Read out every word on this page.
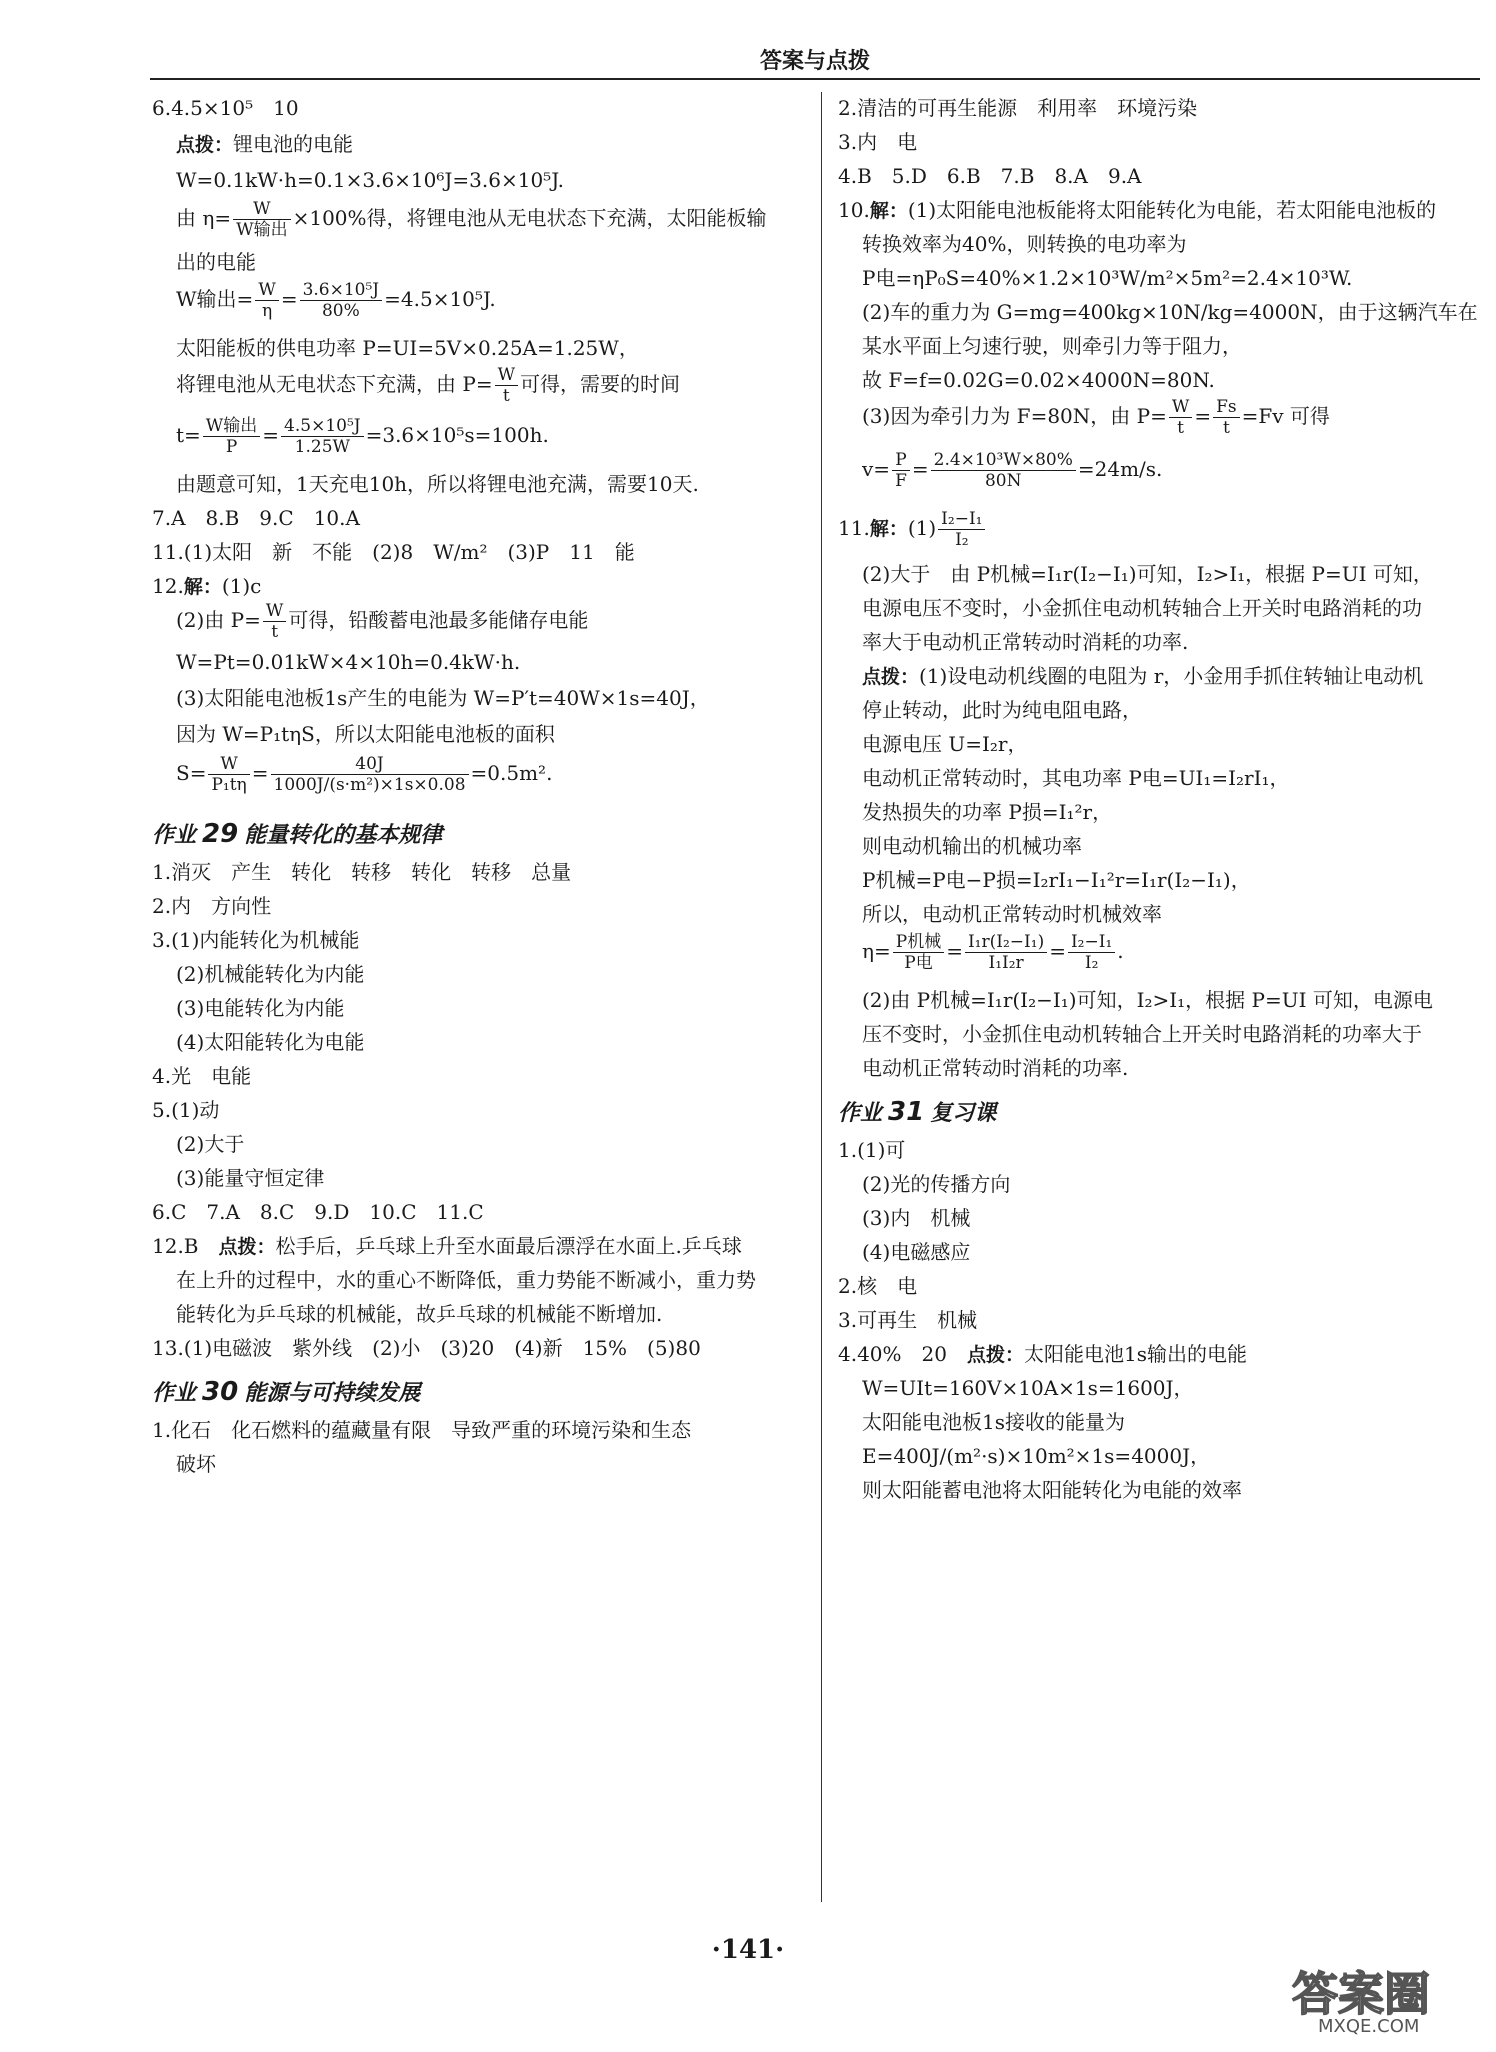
答案与点拨
6.4.5×10⁵　10
点拨：锂电池的电能
W=0.1kW·h=0.1×3.6×10⁶J=3.6×10⁵J.
由 $\eta= \frac{W}{\text{W输出}} \times 100\%$得，将锂电池从无电状态下充满，太阳能板输
出的电能
W输出= $\frac{W}{\eta} = \frac{\text{3.6×10⁵J}}{80\%} =4.5\times 10^5J$.
太阳能板的供电功率 P=UI=5V×0.25A=1.25W，
将锂电池从无电状态下充满，由 $P= \frac{W}{t}$ 可得，需要的时间
$t= \frac{\text{W输出}}{P} = \frac{\text{4.5×10⁵J}}{1.25W} =3.6\times 10^5s=100h$.
由题意可知，1天充电10h，所以将锂电池充满，需要10天.
7.A　8.B　9.C　10.A
11.(1)太阳　新　不能　(2)8　W/m²　(3)P　11　能
12.解：(1)c
(2)由 $P= \frac{W}{t}$ 可得，铅酸蓄电池最多能储存电能
W=Pt=0.01kW×4×10h=0.4kW·h.
(3)太阳能电池板1s产生的电能为 W=P′t=40W×1s=40J，
因为 W=P₁tηS，所以太阳能电池板的面积
$S= \frac{W}{\text{P₁tη}} = \frac{40J}{\text{1000J/(s·m²)×1s×0.08}} =0.5m^2$.
作业 29 能量转化的基本规律
1.消灭　产生　转化　转移　转化　转移　总量
2.内　方向性
3.(1)内能转化为机械能
(2)机械能转化为内能
(3)电能转化为内能
(4)太阳能转化为电能
4.光　电能
5.(1)动
(2)大于
(3)能量守恒定律
6.C　7.A　8.C　9.D　10.C　11.C
12.B　点拨：松手后，乒乓球上升至水面最后漂浮在水面上.乒乓球
在上升的过程中，水的重心不断降低，重力势能不断减小，重力势
能转化为乒乓球的机械能，故乒乓球的机械能不断增加.
13.(1)电磁波　紫外线　(2)小　(3)20　(4)新　15%　(5)80
作业 30 能源与可持续发展
1.化石　化石燃料的蕴藏量有限　导致严重的环境污染和生态
破坏
2.清洁的可再生能源　利用率　环境污染
3.内　电
4.B　5.D　6.B　7.B　8.A　9.A
10.解：(1)太阳能电池板能将太阳能转化为电能，若太阳能电池板的
转换效率为40%，则转换的电功率为
P电=ηP₀S=40%×1.2×10³W/m²×5m²=2.4×10³W.
(2)车的重力为 G=mg=400kg×10N/kg=4000N，由于这辆汽车在
某水平面上匀速行驶，则牵引力等于阻力，
故 F=f=0.02G=0.02×4000N=80N.
(3)因为牵引力为 F=80N，由 $P= \frac{W}{t} = \frac{Fs}{t} =Fv$ 可得
$v= \frac{P}{F} = \frac{\text{2.4×10³W×80\%}}{80N} =24m/s$.
11.解：$(1) \frac{\text{I₂−I₁}}{\text{I₂}}$
(2)大于　由 P机械=I₁r(I₂−I₁)可知，I₂>I₁，根据 P=UI 可知，
电源电压不变时，小金抓住电动机转轴合上开关时电路消耗的功
率大于电动机正常转动时消耗的功率.
点拨：(1)设电动机线圈的电阻为 r，小金用手抓住转轴让电动机
停止转动，此时为纯电阻电路，
电源电压 U=I₂r，
电动机正常转动时，其电功率 P电=UI₁=I₂rI₁，
发热损失的功率 P损=I₁²r，
则电动机输出的机械功率
P机械=P电−P损=I₂rI₁−I₁²r=I₁r(I₂−I₁)，
所以，电动机正常转动时机械效率
$\eta= \frac{\text{P机械}}{\text{P电}} = \frac{\text{I₁r(I₂−I₁)}}{\text{I₁I₂r}} = \frac{\text{I₂−I₁}}{\text{I₂}}$ .
(2)由 P机械=I₁r(I₂−I₁)可知，I₂>I₁，根据 P=UI 可知，电源电
压不变时，小金抓住电动机转轴合上开关时电路消耗的功率大于
电动机正常转动时消耗的功率.
作业 31 复习课
1.(1)可
(2)光的传播方向
(3)内　机械
(4)电磁感应
2.核　电
3.可再生　机械
4.40%　20　点拨：太阳能电池1s输出的电能
W=UIt=160V×10A×1s=1600J，
太阳能电池板1s接收的能量为
E=400J/(m²·s)×10m²×1s=4000J，
则太阳能蓄电池将太阳能转化为电能的效率
·141·
答案圈
MXQE.COM
